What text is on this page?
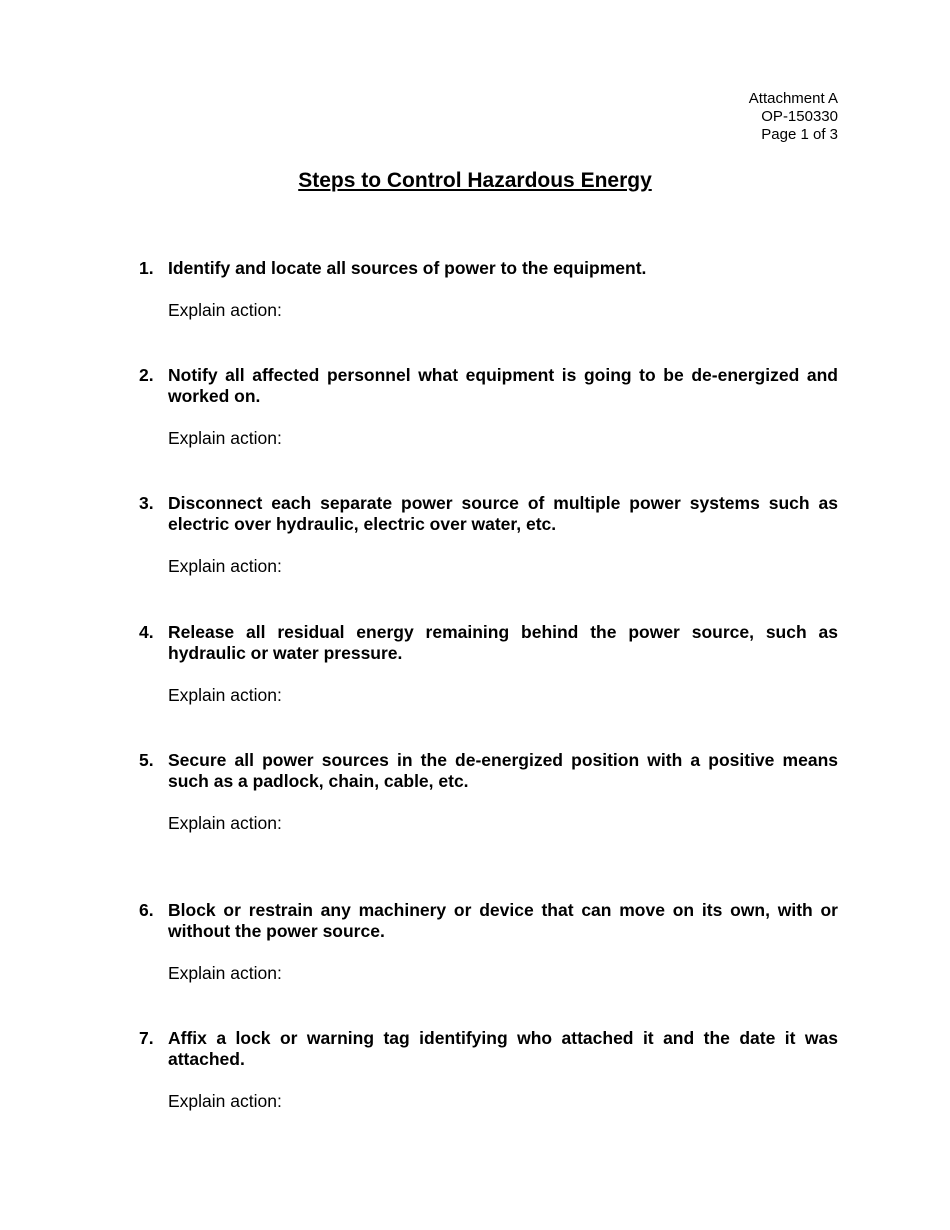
Attachment A
OP-150330
Page 1 of 3
Steps to Control Hazardous Energy
1. Identify and locate all sources of power to the equipment.
Explain action:
2. Notify all affected personnel what equipment is going to be de-energized and worked on.
Explain action:
3. Disconnect each separate power source of multiple power systems such as electric over hydraulic, electric over water, etc.
Explain action:
4. Release all residual energy remaining behind the power source, such as hydraulic or water pressure.
Explain action:
5. Secure all power sources in the de-energized position with a positive means such as a padlock, chain, cable, etc.
Explain action:
6. Block or restrain any machinery or device that can move on its own, with or without the power source.
Explain action:
7. Affix a lock or warning tag identifying who attached it and the date it was attached.
Explain action:
